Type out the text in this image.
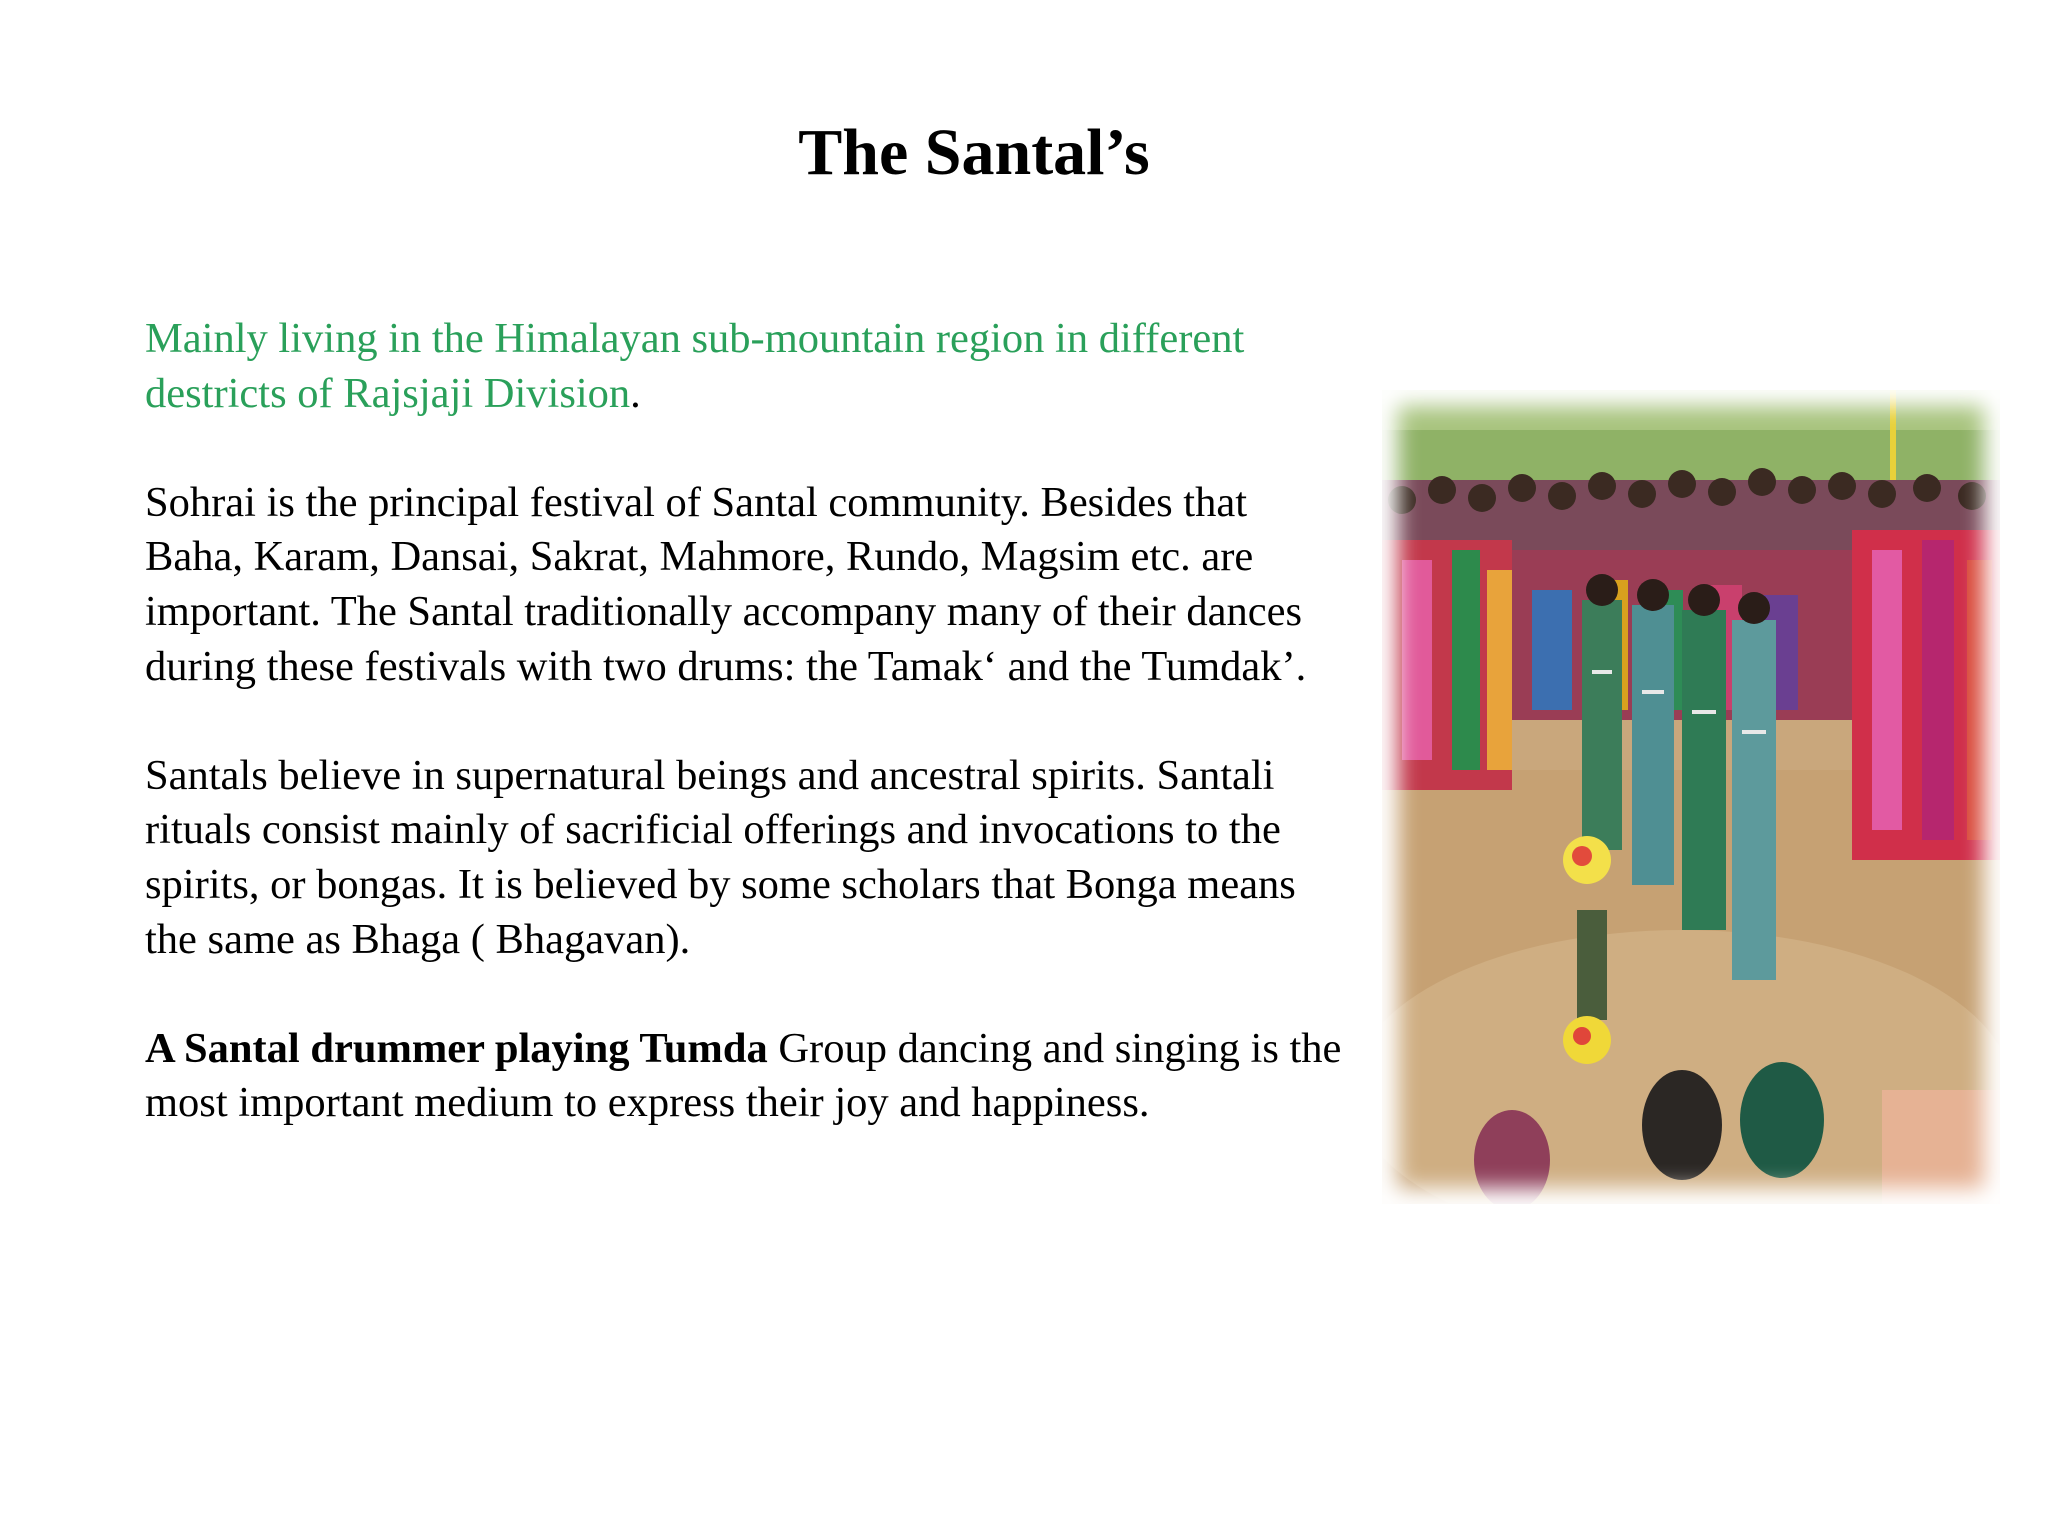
The Santal’s

Mainly living in the Himalayan sub-mountain region in different destricts of Rajsjaji Division.

Sohrai is the principal festival of Santal community. Besides that Baha, Karam, Dansai, Sakrat, Mahmore, Rundo, Magsim etc. are important. The Santal traditionally accompany many of their dances during these festivals with two drums: the Tamak‘ and the Tumdak’.

Santals believe in supernatural beings and ancestral spirits. Santali rituals consist mainly of sacrificial offerings and invocations to the spirits, or bongas. It is believed by some scholars that Bonga means the same as Bhaga ( Bhagavan).

A Santal drummer playing Tumda Group dancing and singing is the most important medium to express their joy and happiness.
